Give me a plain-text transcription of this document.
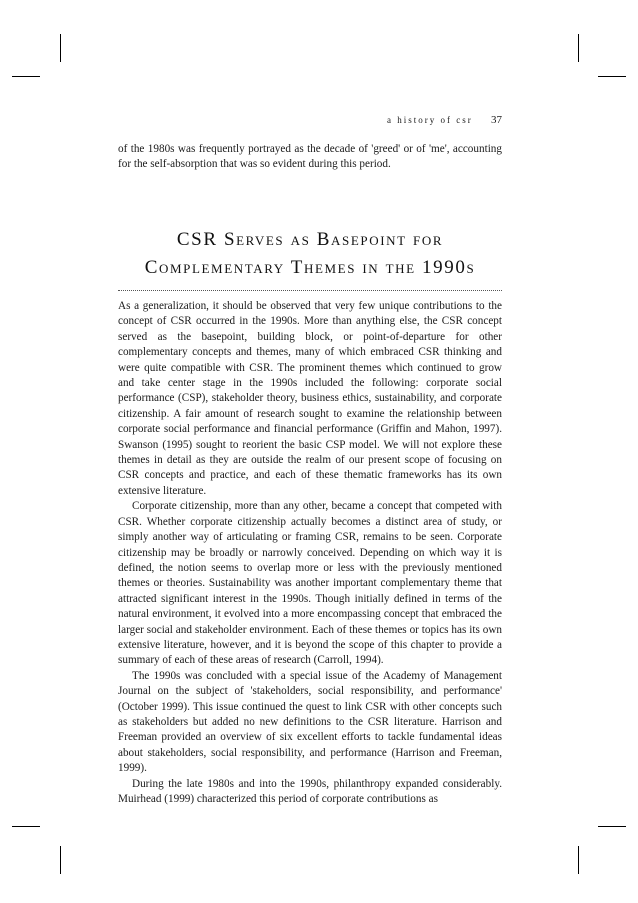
a history of csr 37

of the 1980s was frequently portrayed as the decade of 'greed' or of 'me', accounting for the self-absorption that was so evident during this period.

CSR Serves as Basepoint for
Complementary Themes in the 1990s

As a generalization, it should be observed that very few unique contributions to the concept of CSR occurred in the 1990s. More than anything else, the CSR concept served as the basepoint, building block, or point-of-departure for other complementary concepts and themes, many of which embraced CSR thinking and were quite compatible with CSR. The prominent themes which continued to grow and take center stage in the 1990s included the following: corporate social performance (CSP), stakeholder theory, business ethics, sustainability, and corporate citizenship. A fair amount of research sought to examine the relationship between corporate social performance and financial performance (Griffin and Mahon, 1997). Swanson (1995) sought to reorient the basic CSP model. We will not explore these themes in detail as they are outside the realm of our present scope of focusing on CSR concepts and practice, and each of these thematic frameworks has its own extensive literature.

Corporate citizenship, more than any other, became a concept that competed with CSR. Whether corporate citizenship actually becomes a distinct area of study, or simply another way of articulating or framing CSR, remains to be seen. Corporate citizenship may be broadly or narrowly conceived. Depending on which way it is defined, the notion seems to overlap more or less with the previously mentioned themes or theories. Sustainability was another important complementary theme that attracted significant interest in the 1990s. Though initially defined in terms of the natural environment, it evolved into a more encompassing concept that embraced the larger social and stakeholder environment. Each of these themes or topics has its own extensive literature, however, and it is beyond the scope of this chapter to provide a summary of each of these areas of research (Carroll, 1994).

The 1990s was concluded with a special issue of the Academy of Management Journal on the subject of 'stakeholders, social responsibility, and performance' (October 1999). This issue continued the quest to link CSR with other concepts such as stakeholders but added no new definitions to the CSR literature. Harrison and Freeman provided an overview of six excellent efforts to tackle fundamental ideas about stakeholders, social responsibility, and performance (Harrison and Freeman, 1999).

During the late 1980s and into the 1990s, philanthropy expanded considerably. Muirhead (1999) characterized this period of corporate contributions as
